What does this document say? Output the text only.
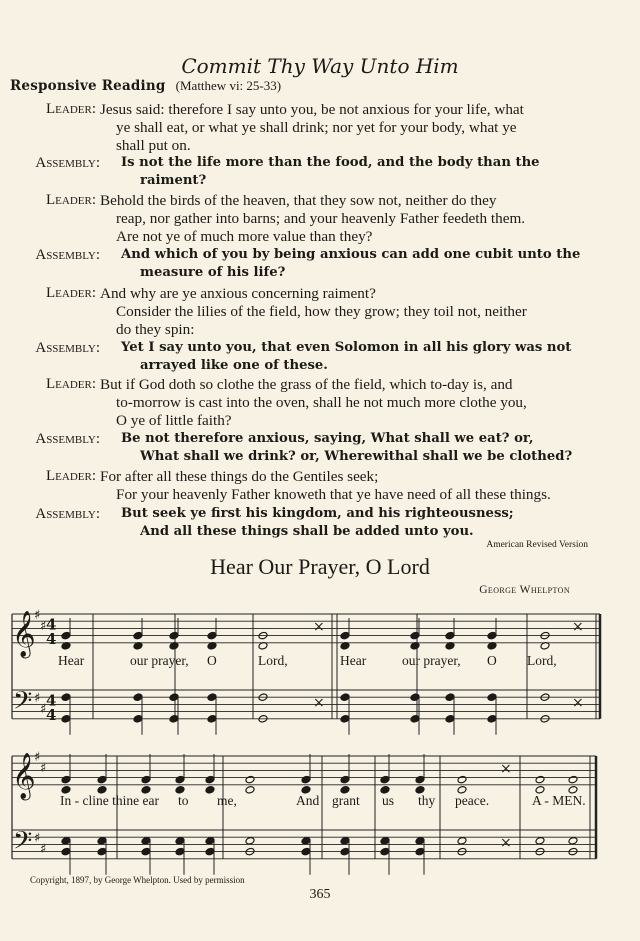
Commit Thy Way Unto Him
Responsive Reading (Matthew vi: 25-33)
Leader: Jesus said: therefore I say unto you, be not anxious for your life, what
ye shall eat, or what ye shall drink; nor yet for your body, what ye
shall put on.
Assembly: Is not the life more than the food, and the body than the
raiment?
Leader: Behold the birds of the heaven, that they sow not, neither do they
reap, nor gather into barns; and your heavenly Father feedeth them.
Are not ye of much more value than they?
Assembly: And which of you by being anxious can add one cubit unto the
measure of his life?
Leader: And why are ye anxious concerning raiment?
Consider the lilies of the field, how they grow; they toil not, neither
do they spin:
Assembly: Yet I say unto you, that even Solomon in all his glory was not
arrayed like one of these.
Leader: But if God doth so clothe the grass of the field, which to-day is, and
to-morrow is cast into the oven, shall he not much more clothe you,
O ye of little faith?
Assembly: Be not therefore anxious, saying, What shall we eat? or,
What shall we drink? or, Wherewithal shall we be clothed?
Leader: For after all these things do the Gentiles seek;
For your heavenly Father knoweth that ye have need of all these things.
Assembly: But seek ye first his kingdom, and his righteousness;
And all these things shall be added unto you.
American Revised Version
Hear Our Prayer, O Lord
George Whelpton
𝄞
𝄞
𝄢
𝄢
♯
♯
♯
♯
♯
♯
♯
♯
4
4
4
4
×	×
×	×
×
×
Hear	our prayer, O	Lord,	Hear	our prayer, O Lord,
In - cline thine ear to me,	And grant us thy peace.	A - MEN.
Copyright, 1897, by George Whelpton. Used by permission
365
